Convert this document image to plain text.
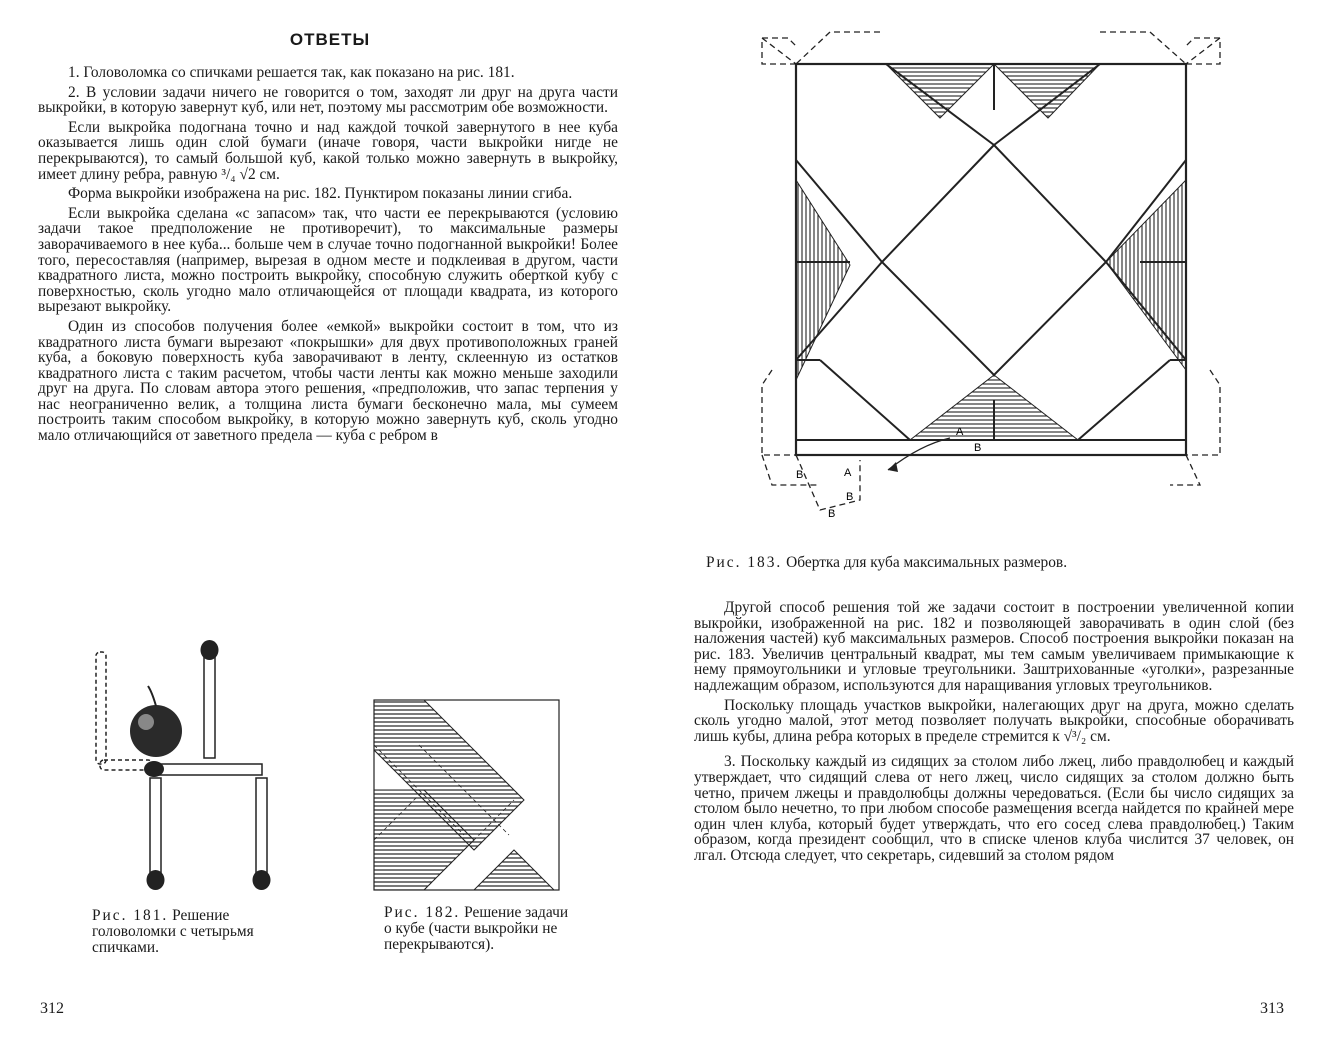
ОТВЕТЫ

1. Головоломка со спичками решается так, как показано на рис. 181.

2. В условии задачи ничего не говорится о том, заходят ли друг на друга части выкройки, в которую завернут куб, или нет, поэтому мы рассмотрим обе возможности.

Если выкройка подогнана точно и над каждой точкой завернутого в нее куба оказывается лишь один слой бумаги (иначе говоря, части выкройки нигде не перекрываются), то самый большой куб, какой только можно завернуть в выкройку, имеет длину ребра, равную ³/₄ √2 см.

Форма выкройки изображена на рис. 182. Пунктиром показаны линии сгиба.

Если выкройка сделана «с запасом» так, что части ее перекрываются (условию задачи такое предположение не противоречит), то максимальные размеры заворачиваемого в нее куба... больше чем в случае точно подогнанной выкройки! Более того, пересоставляя (например, вырезая в одном месте и подклеивая в другом, части квадратного листа, можно построить выкройку, способную служить оберткой кубу с поверхностью, сколь угодно мало отличающейся от площади квадрата, из которого вырезают выкройку.

Один из способов получения более «емкой» выкройки состоит в том, что из квадратного листа бумаги вырезают «покрышки» для двух противоположных граней куба, а боковую поверхность куба заворачивают в ленту, склеенную из остатков квадратного листа с таким расчетом, чтобы части ленты как можно меньше заходили друг на друга. По словам автора этого решения, «предположив, что запас терпения у нас неограниченно велик, а толщина листа бумаги бесконечно мала, мы сумеем построить таким способом выкройку, в которую можно завернуть куб, сколь угодно мало отличающийся от заветного предела — куба с ребром в

Рис. 181. Решение головоломки с четырьмя спичками.

Рис. 182. Решение задачи о кубе (части выкройки не перекрываются).

312
A
B
A
B
B
B

Рис. 183. Обертка для куба максимальных размеров.

Другой способ решения той же задачи состоит в построении увеличенной копии выкройки, изображенной на рис. 182 и позволяющей заворачивать в один слой (без наложения частей) куб максимальных размеров. Способ построения выкройки показан на рис. 183. Увеличив центральный квадрат, мы тем самым увеличиваем примыкающие к нему прямоугольники и угловые треугольники. Заштрихованные «уголки», разрезанные надлежащим образом, используются для наращивания угловых треугольников.

Поскольку площадь участков выкройки, налегающих друг на друга, можно сделать сколь угодно малой, этот метод позволяет получать выкройки, способные оборачивать лишь кубы, длина ребра которых в пределе стремится к √³/₂ см.

3. Поскольку каждый из сидящих за столом либо лжец, либо правдолюбец и каждый утверждает, что сидящий слева от него лжец, число сидящих за столом должно быть четно, причем лжецы и правдолюбцы должны чередоваться. (Если бы число сидящих за столом было нечетно, то при любом способе размещения всегда найдется по крайней мере один член клуба, который будет утверждать, что его сосед слева правдолюбец.) Таким образом, когда президент сообщил, что в списке членов клуба числится 37 человек, он лгал. Отсюда следует, что секретарь, сидевший за столом рядом

313
